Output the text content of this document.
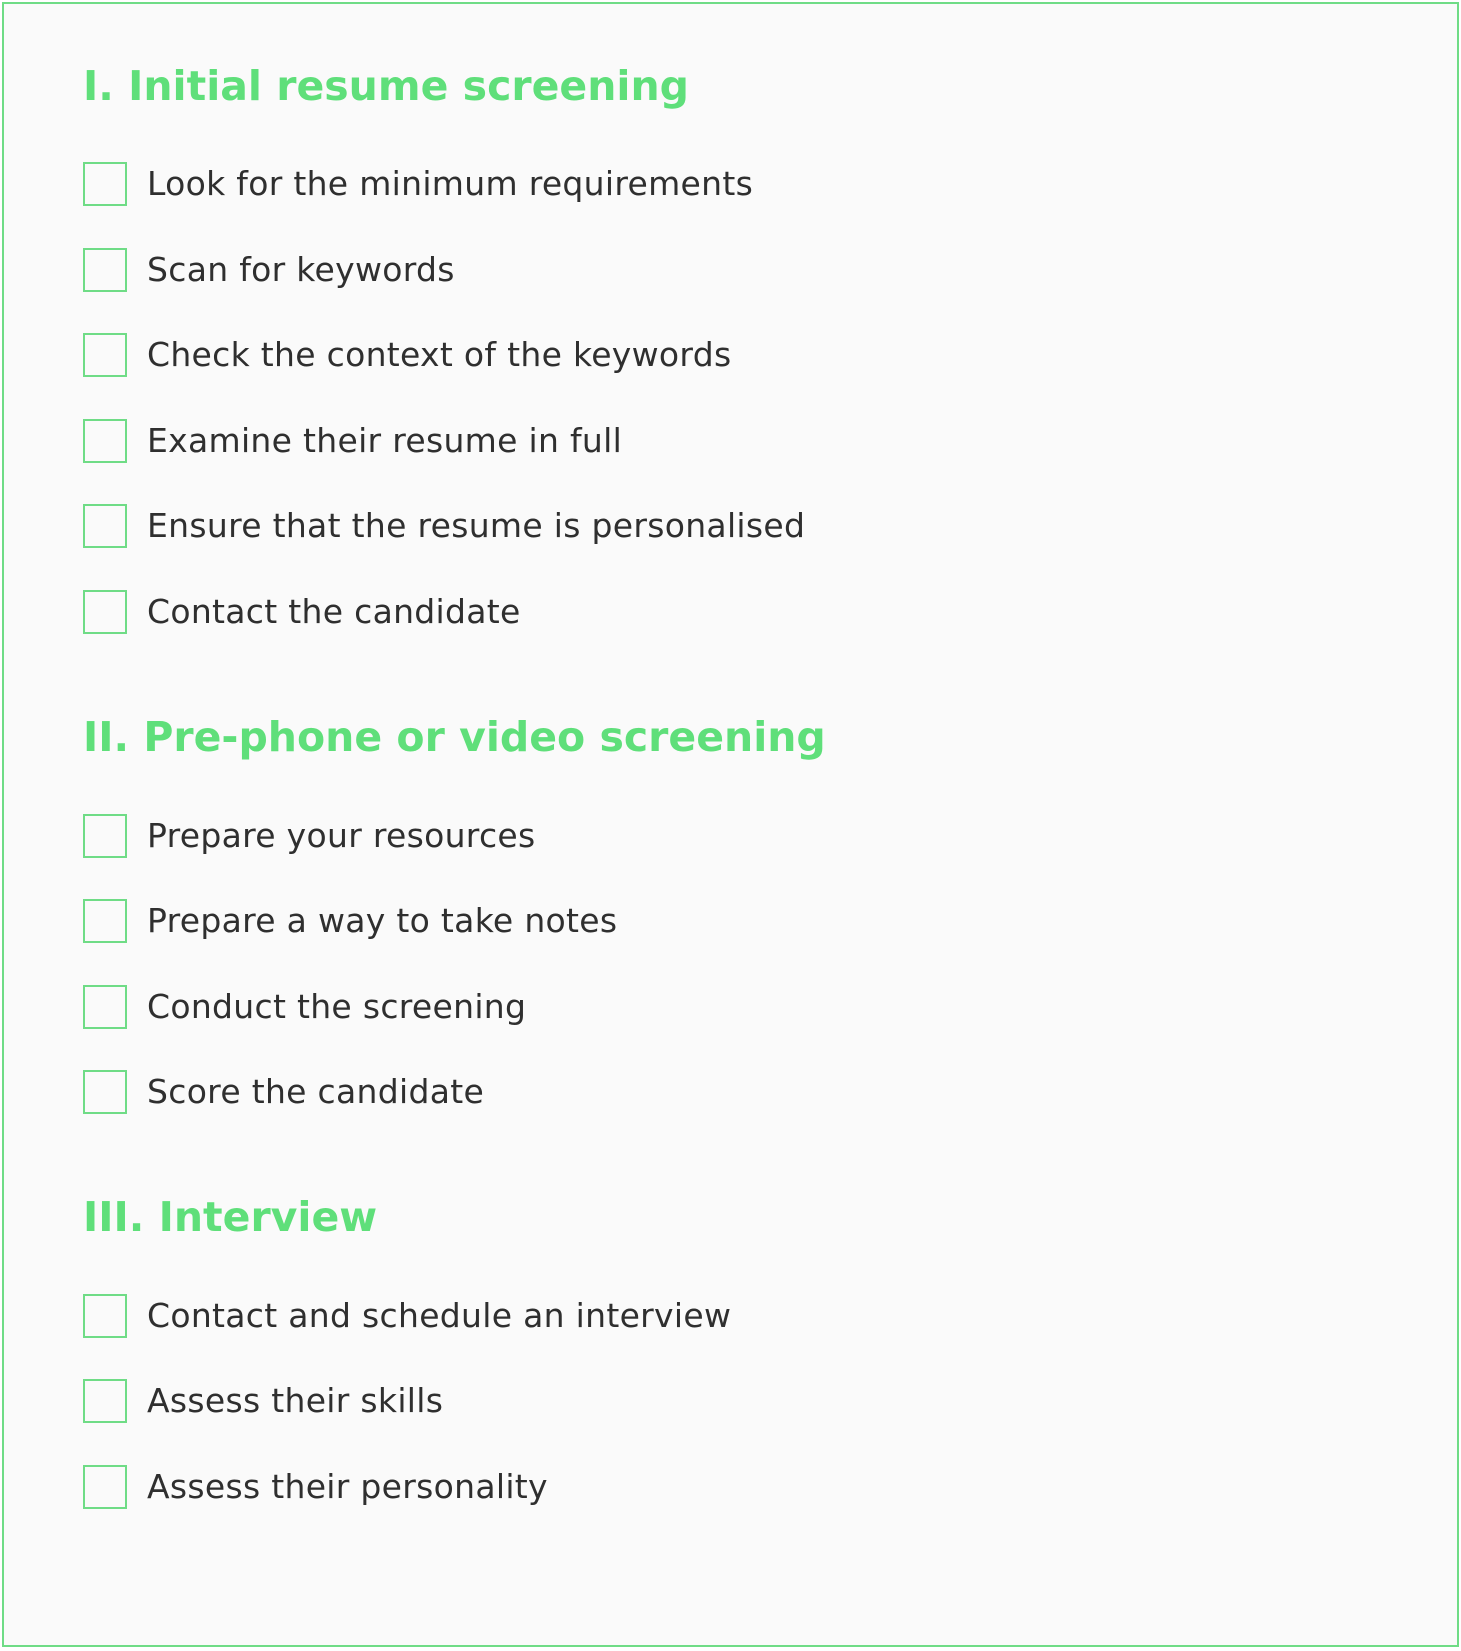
I. Initial resume screening
Look for the minimum requirements
Scan for keywords
Check the context of the keywords
Examine their resume in full
Ensure that the resume is personalised
Contact the candidate
II. Pre-phone or video screening
Prepare your resources
Prepare a way to take notes
Conduct the screening
Score the candidate
III. Interview
Contact and schedule an interview
Assess their skills
Assess their personality
